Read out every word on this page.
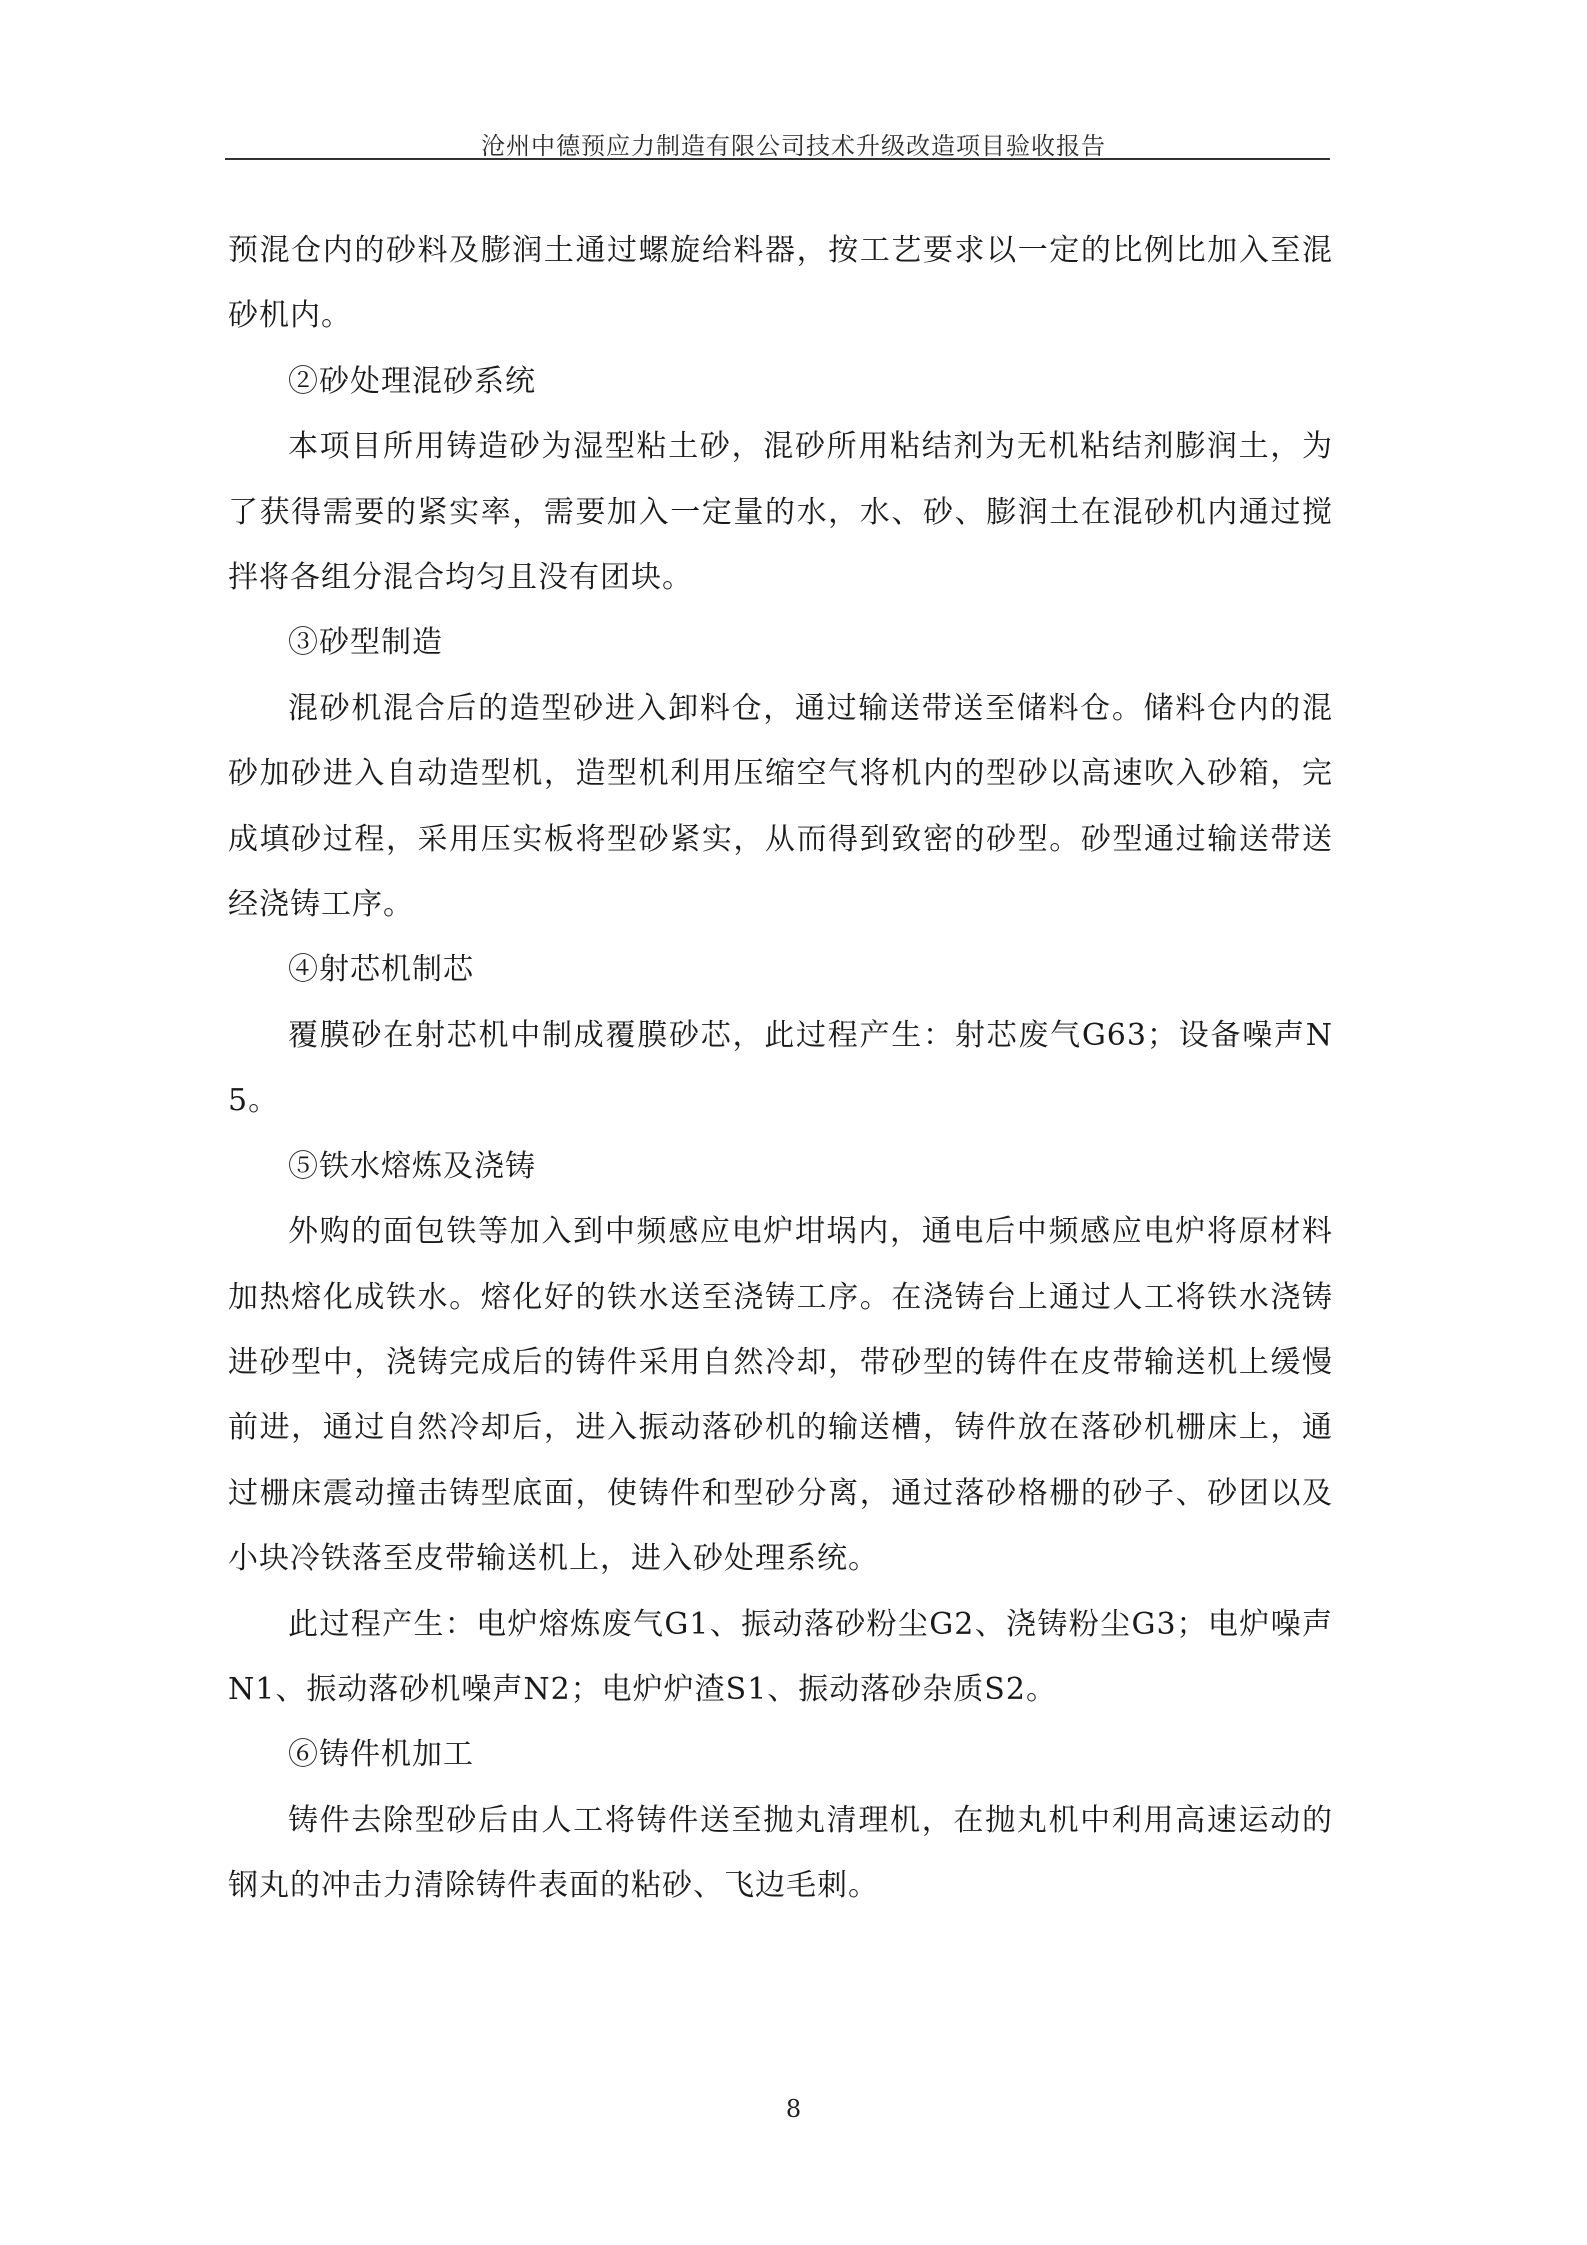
沧州中德预应力制造有限公司技术升级改造项目验收报告

预混仓内的砂料及膨润土通过螺旋给料器，按工艺要求以一定的比例比加入至混砂机内。

②砂处理混砂系统

本项目所用铸造砂为湿型粘土砂，混砂所用粘结剂为无机粘结剂膨润土，为了获得需要的紧实率，需要加入一定量的水，水、砂、膨润土在混砂机内通过搅拌将各组分混合均匀且没有团块。

③砂型制造

混砂机混合后的造型砂进入卸料仓，通过输送带送至储料仓。储料仓内的混砂加砂进入自动造型机，造型机利用压缩空气将机内的型砂以高速吹入砂箱，完成填砂过程，采用压实板将型砂紧实，从而得到致密的砂型。砂型通过输送带送经浇铸工序。

④射芯机制芯

覆膜砂在射芯机中制成覆膜砂芯，此过程产生：射芯废气G63；设备噪声N5。

⑤铁水熔炼及浇铸

外购的面包铁等加入到中频感应电炉坩埚内，通电后中频感应电炉将原材料加热熔化成铁水。熔化好的铁水送至浇铸工序。在浇铸台上通过人工将铁水浇铸进砂型中，浇铸完成后的铸件采用自然冷却，带砂型的铸件在皮带输送机上缓慢前进，通过自然冷却后，进入振动落砂机的输送槽，铸件放在落砂机栅床上，通过栅床震动撞击铸型底面，使铸件和型砂分离，通过落砂格栅的砂子、砂团以及小块冷铁落至皮带输送机上，进入砂处理系统。

此过程产生：电炉熔炼废气G1、振动落砂粉尘G2、浇铸粉尘G3；电炉噪声N1、振动落砂机噪声N2；电炉炉渣S1、振动落砂杂质S2。

⑥铸件机加工

铸件去除型砂后由人工将铸件送至抛丸清理机，在抛丸机中利用高速运动的钢丸的冲击力清除铸件表面的粘砂、飞边毛刺。

8
